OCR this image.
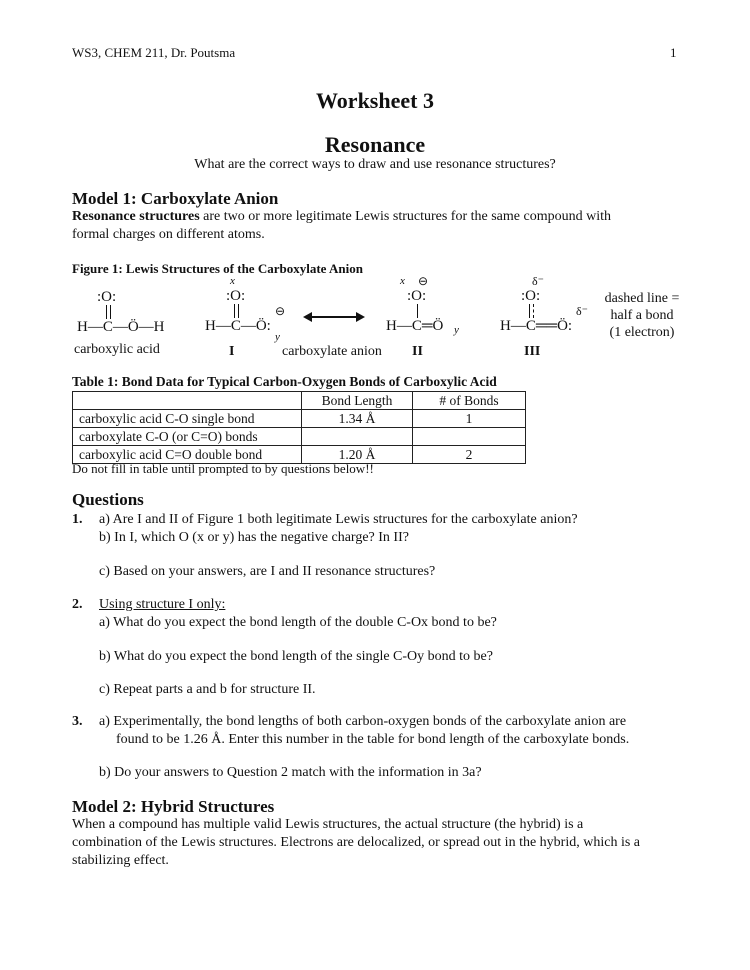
WS3, CHEM 211, Dr. Poutsma	1
Worksheet 3
Resonance
What are the correct ways to draw and use resonance structures?
Model 1: Carboxylate Anion
Resonance structures are two or more legitimate Lewis structures for the same compound with
formal charges on different atoms.
Figure 1: Lewis Structures of the Carboxylate Anion
:O:
H—C—Ö—H
carboxylic acid
x
:O:
H—C—Ö:
⊖
y
I	carboxylate anion
x ⊖
:O:
H—C═Ö y
II
δ⁻
:O:
H—C══Ö:
δ⁻
III
dashed line =
half a bond
(1 electron)
Table 1: Bond Data for Typical Carbon-Oxygen Bonds of Carboxylic Acid
	Bond Length	# of Bonds
carboxylic acid C-O single bond	1.34 Å	1
carboxylate C-O (or C=O) bonds		
carboxylic acid C=O double bond	1.20 Å	2
Do not fill in table until prompted to by questions below!!
Questions
1. a) Are I and II of Figure 1 both legitimate Lewis structures for the carboxylate anion?
b) In I, which O (x or y) has the negative charge? In II?
c) Based on your answers, are I and II resonance structures?
2. Using structure I only:
a) What do you expect the bond length of the double C-Ox bond to be?
b) What do you expect the bond length of the single C-Oy bond to be?
c) Repeat parts a and b for structure II.
3. a) Experimentally, the bond lengths of both carbon-oxygen bonds of the carboxylate anion are
found to be 1.26 Å. Enter this number in the table for bond length of the carboxylate bonds.
b) Do your answers to Question 2 match with the information in 3a?
Model 2: Hybrid Structures
When a compound has multiple valid Lewis structures, the actual structure (the hybrid) is a
combination of the Lewis structures. Electrons are delocalized, or spread out in the hybrid, which is a
stabilizing effect.
